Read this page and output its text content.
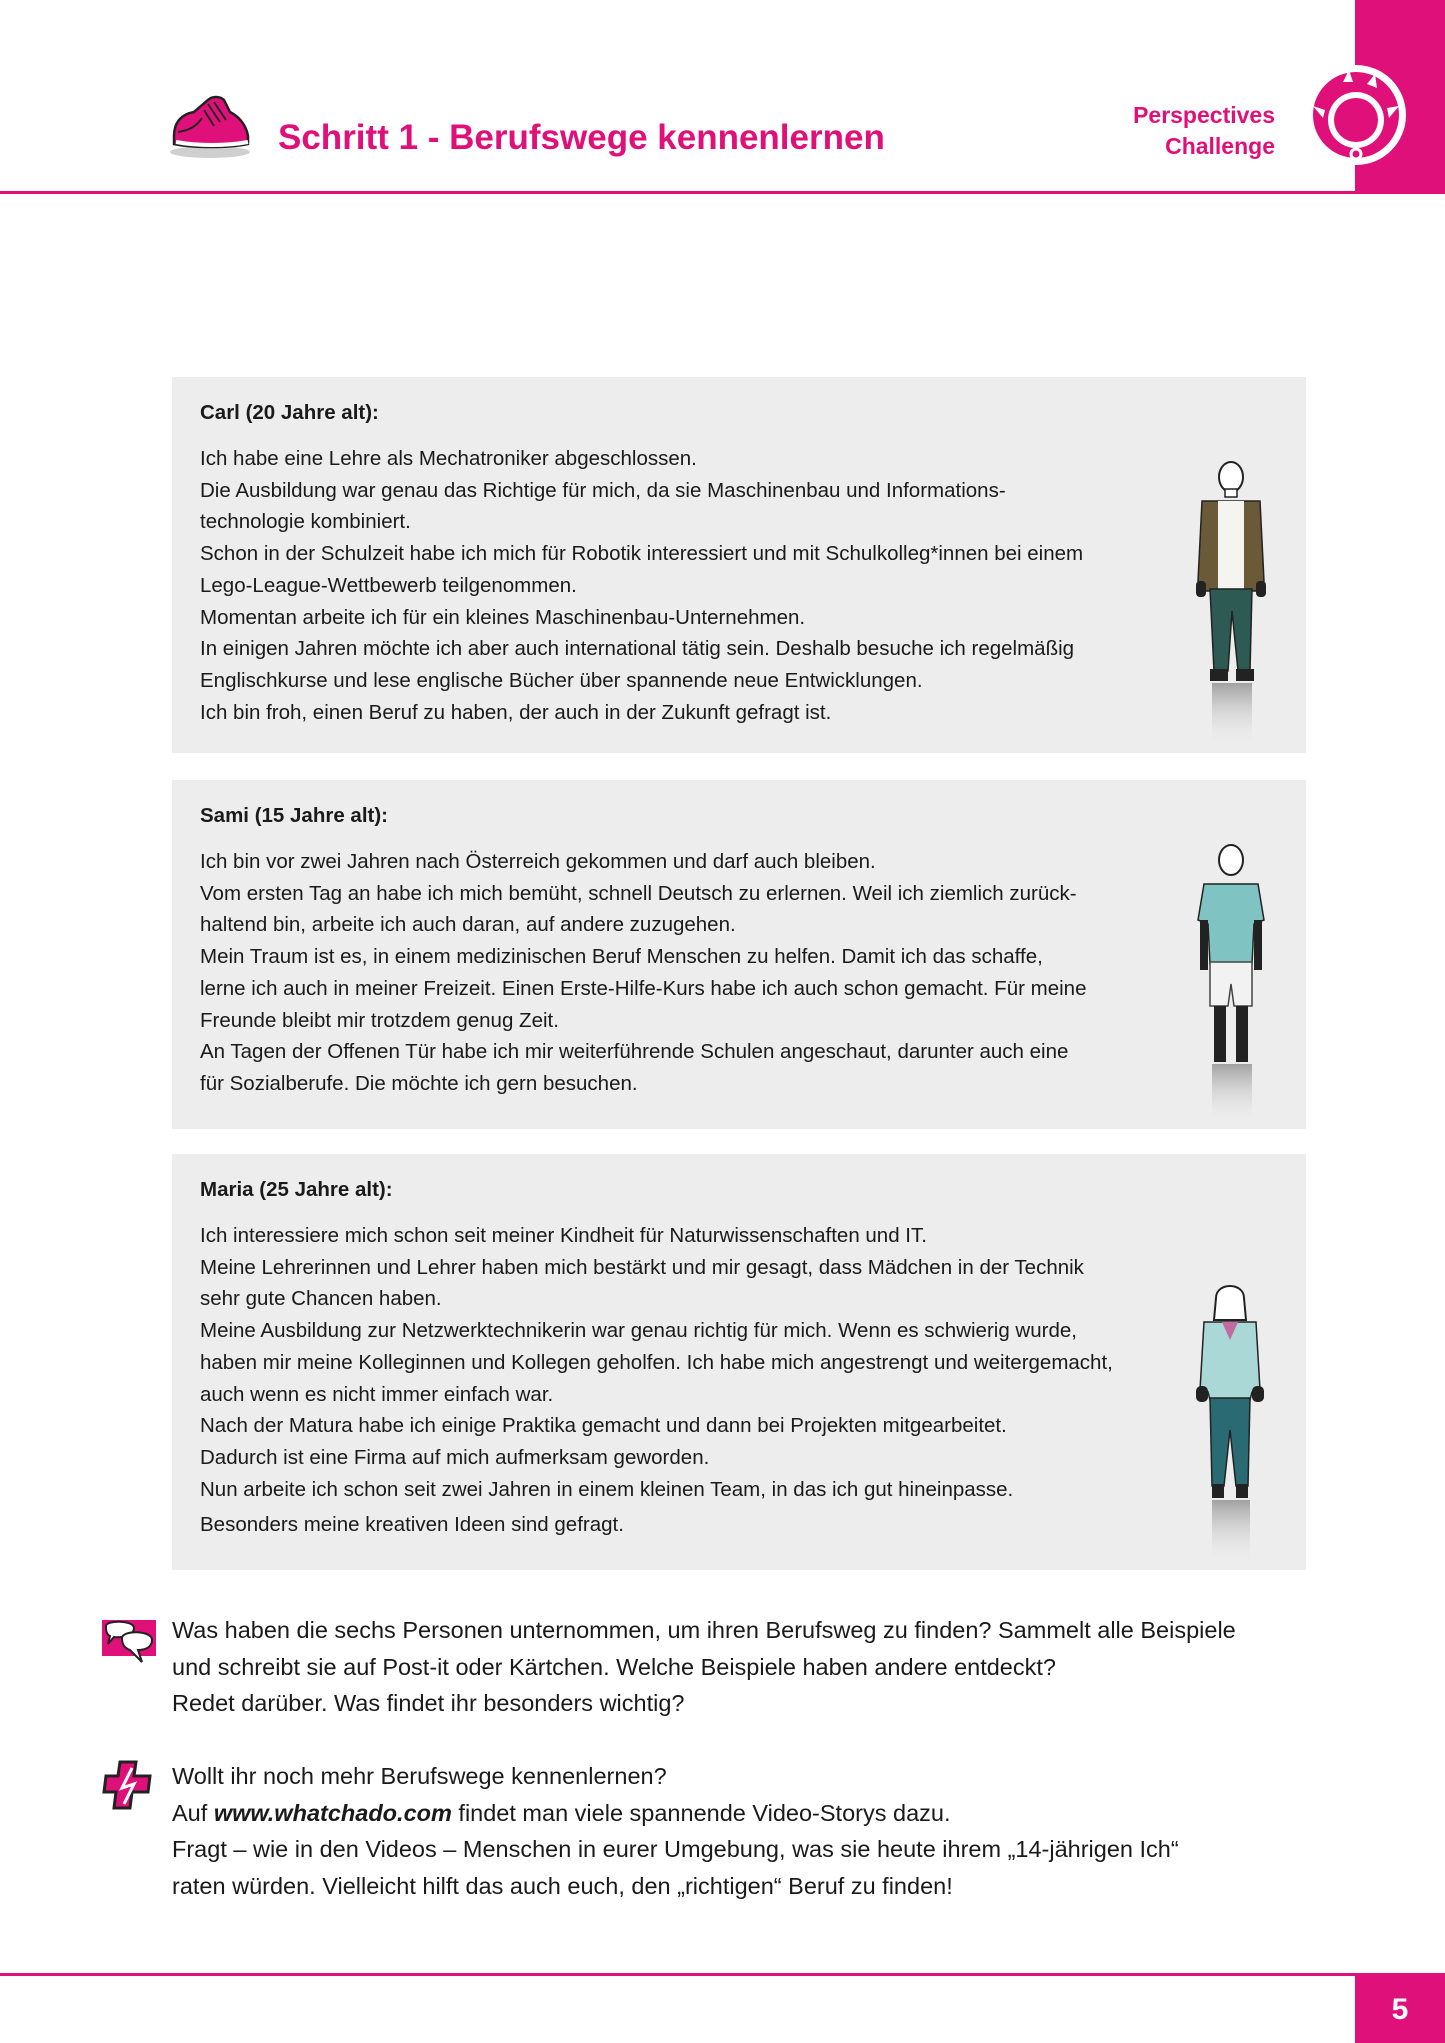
Schritt 1 - Berufswege kennenlernen
Perspectives
Challenge

Carl (20 Jahre alt):

Ich habe eine Lehre als Mechatroniker abgeschlossen.

Die Ausbildung war genau das Richtige für mich, da sie Maschinenbau und Informations-

technologie kombiniert.

Schon in der Schulzeit habe ich mich für Robotik interessiert und mit Schulkolleg*innen bei einem

Lego-League-Wettbewerb teilgenommen.

Momentan arbeite ich für ein kleines Maschinenbau-Unternehmen.

In einigen Jahren möchte ich aber auch international tätig sein. Deshalb besuche ich regelmäßig

Englischkurse und lese englische Bücher über spannende neue Entwicklungen.

Ich bin froh, einen Beruf zu haben, der auch in der Zukunft gefragt ist.

Sami (15 Jahre alt):

Ich bin vor zwei Jahren nach Österreich gekommen und darf auch bleiben.

Vom ersten Tag an habe ich mich bemüht, schnell Deutsch zu erlernen. Weil ich ziemlich zurück-

haltend bin, arbeite ich auch daran, auf andere zuzugehen.

Mein Traum ist es, in einem medizinischen Beruf Menschen zu helfen. Damit ich das schaffe,

lerne ich auch in meiner Freizeit. Einen Erste-Hilfe-Kurs habe ich auch schon gemacht. Für meine

Freunde bleibt mir trotzdem genug Zeit.

An Tagen der Offenen Tür habe ich mir weiterführende Schulen angeschaut, darunter auch eine

für Sozialberufe. Die möchte ich gern besuchen.

Maria (25 Jahre alt):

Ich interessiere mich schon seit meiner Kindheit für Naturwissenschaften und IT.

Meine Lehrerinnen und Lehrer haben mich bestärkt und mir gesagt, dass Mädchen in der Technik

sehr gute Chancen haben.

Meine Ausbildung zur Netzwerktechnikerin war genau richtig für mich. Wenn es schwierig wurde,

haben mir meine Kolleginnen und Kollegen geholfen. Ich habe mich angestrengt und weitergemacht,

auch wenn es nicht immer einfach war.

Nach der Matura habe ich einige Praktika gemacht und dann bei Projekten mitgearbeitet.

Dadurch ist eine Firma auf mich aufmerksam geworden.

Nun arbeite ich schon seit zwei Jahren in einem kleinen Team, in das ich gut hineinpasse.

Besonders meine kreativen Ideen sind gefragt.

Was haben die sechs Personen unternommen, um ihren Berufsweg zu finden? Sammelt alle Beispiele
und schreibt sie auf Post-it oder Kärtchen. Welche Beispiele haben andere entdeckt?
Redet darüber. Was findet ihr besonders wichtig?
Wollt ihr noch mehr Berufswege kennenlernen?
Auf www.whatchado.com findet man viele spannende Video-Storys dazu.
Fragt – wie in den Videos – Menschen in eurer Umgebung, was sie heute ihrem „14-jährigen Ich“
raten würden. Vielleicht hilft das auch euch, den „richtigen“ Beruf zu finden!
5
